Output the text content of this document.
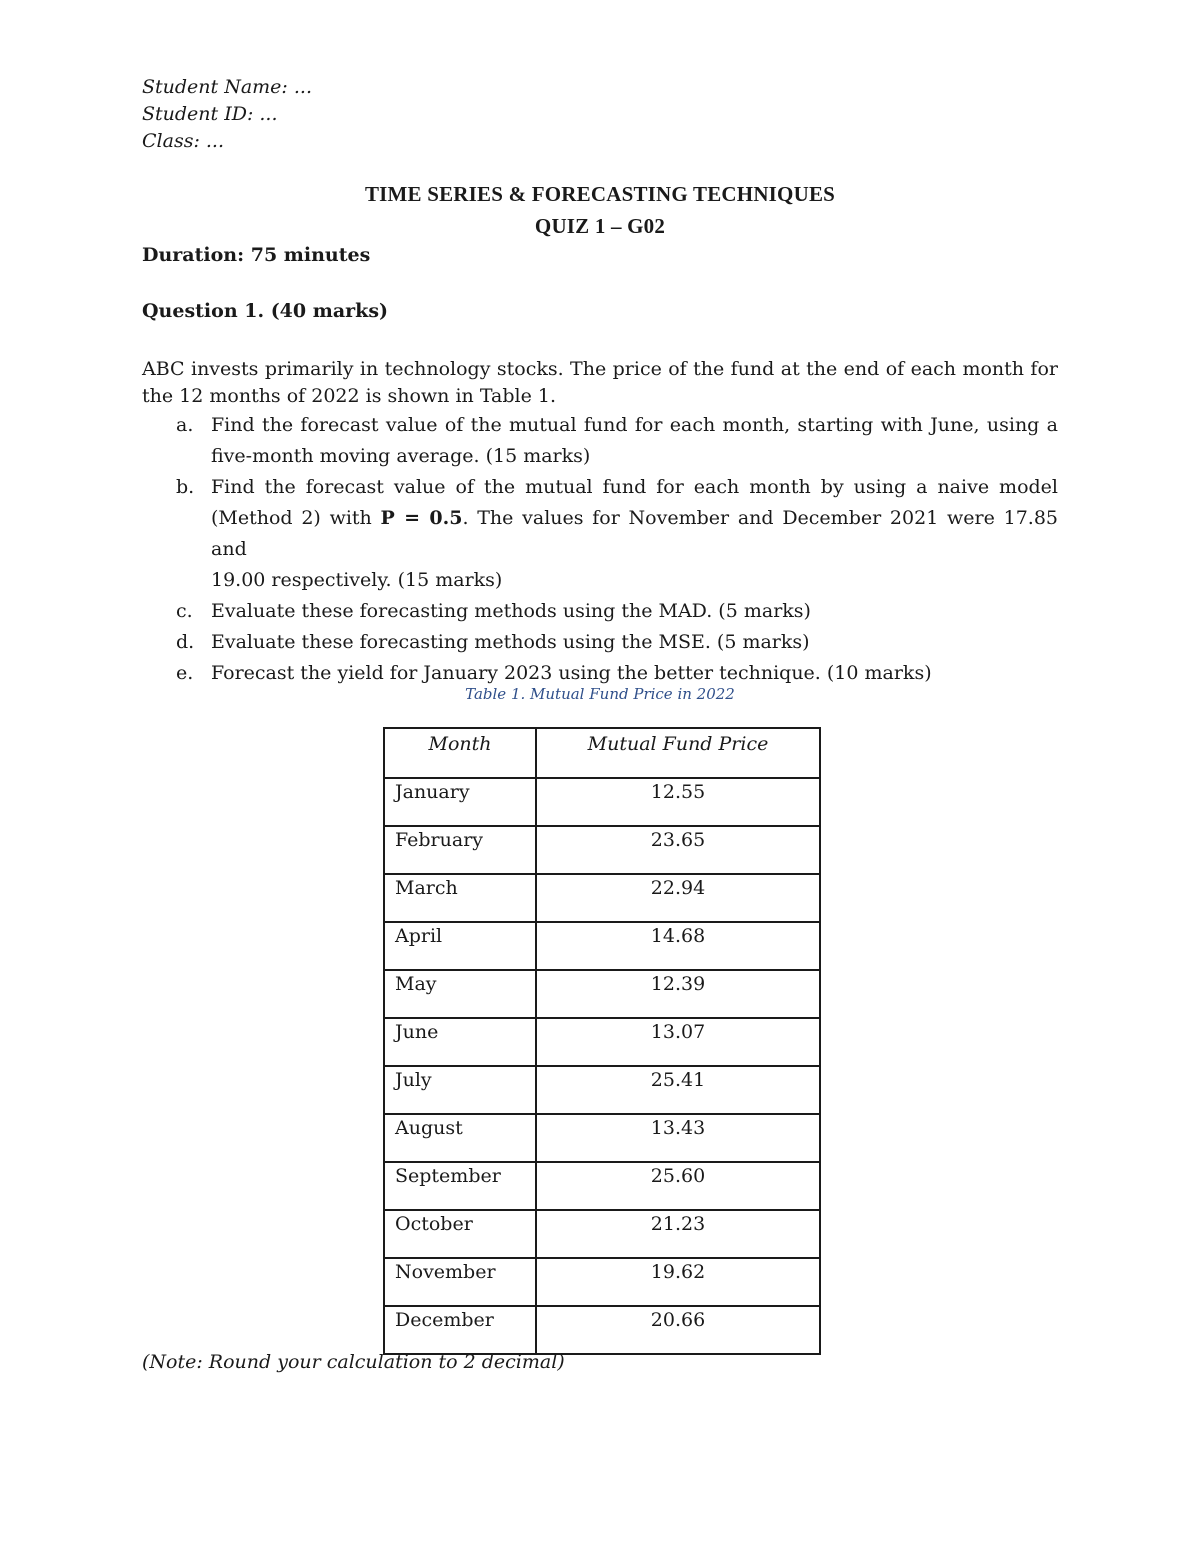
Student Name: ...
Student ID: ...
Class: ...
TIME SERIES & FORECASTING TECHNIQUES
QUIZ 1 – G02
Duration: 75 minutes
Question 1. (40 marks)
ABC invests primarily in technology stocks. The price of the fund at the end of each month for
the 12 months of 2022 is shown in Table 1.
a. Find the forecast value of the mutual fund for each month, starting with June, using a
five-month moving average. (15 marks)
b. Find the forecast value of the mutual fund for each month by using a naive model
(Method 2) with P = 0.5. The values for November and December 2021 were 17.85 and
19.00 respectively. (15 marks)
c. Evaluate these forecasting methods using the MAD. (5 marks)
d. Evaluate these forecasting methods using the MSE. (5 marks)
e. Forecast the yield for January 2023 using the better technique. (10 marks)
Table 1. Mutual Fund Price in 2022
Month	Mutual Fund Price
January	12.55
February	23.65
March	22.94
April	14.68
May	12.39
June	13.07
July	25.41
August	13.43
September	25.60
October	21.23
November	19.62
December	20.66
(Note: Round your calculation to 2 decimal)
